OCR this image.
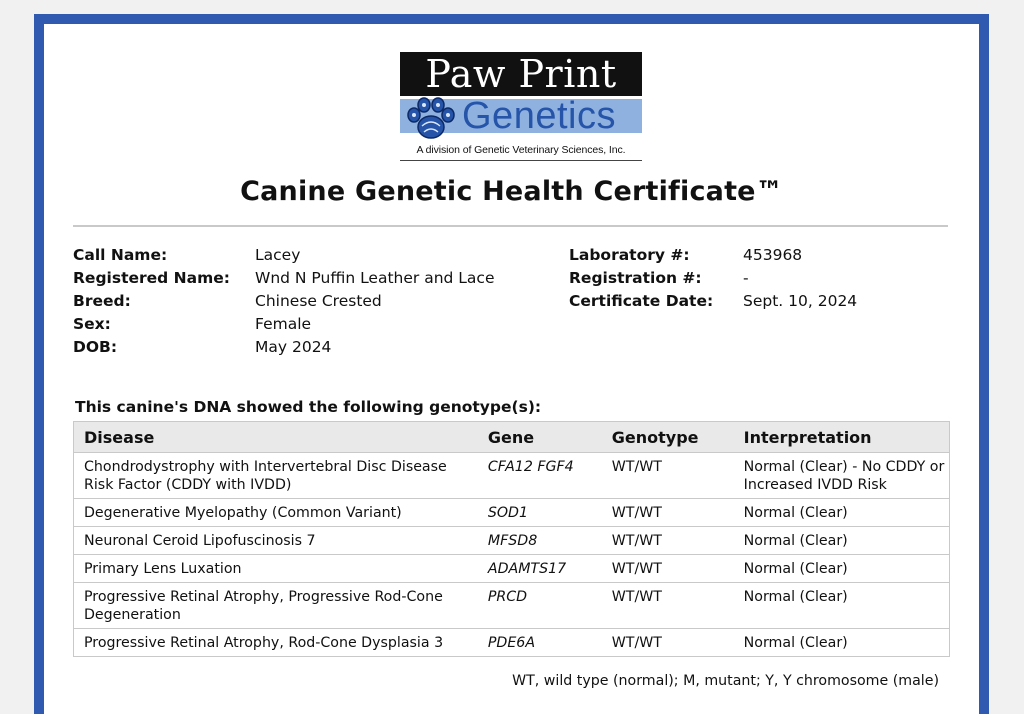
Paw Print
Genetics
A division of Genetic Veterinary Sciences, Inc.
Canine Genetic Health Certificate™
Call Name:	Lacey
Registered Name: Wnd N Puffin Leather and Lace
Breed:	Chinese Crested
Sex:	Female
DOB:	May 2024
Laboratory #:	453968
Registration #:	-
Certificate Date: Sept. 10, 2024
This canine's DNA showed the following genotype(s):
Disease	Gene	Genotype	Interpretation
Chondrodystrophy with Intervertebral Disc Disease Risk Factor (CDDY with IVDD)	CFA12 FGF4	WT/WT	Normal (Clear) - No CDDY or Increased IVDD Risk
Degenerative Myelopathy (Common Variant)	SOD1	WT/WT	Normal (Clear)
Neuronal Ceroid Lipofuscinosis 7	MFSD8	WT/WT	Normal (Clear)
Primary Lens Luxation	ADAMTS17	WT/WT	Normal (Clear)
Progressive Retinal Atrophy, Progressive Rod-Cone Degeneration	PRCD	WT/WT	Normal (Clear)
Progressive Retinal Atrophy, Rod-Cone Dysplasia 3	PDE6A	WT/WT	Normal (Clear)
WT, wild type (normal); M, mutant; Y, Y chromosome (male)
